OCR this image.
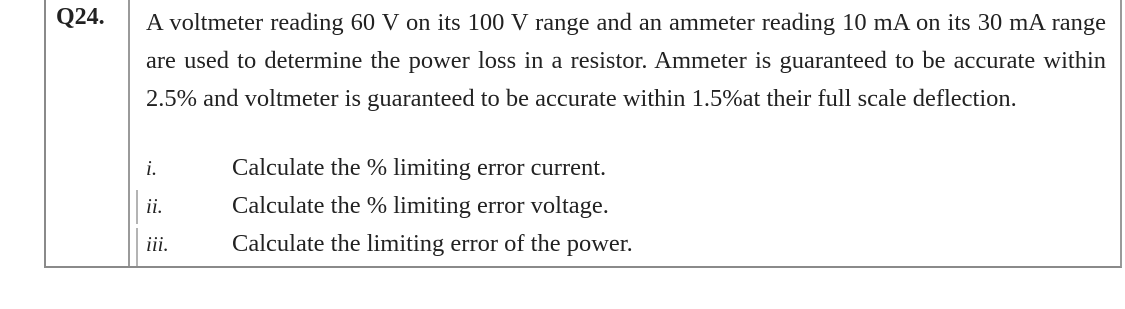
Q24. A voltmeter reading 60 V on its 100 V range and an ammeter reading 10 mA on its 30 mA range are used to determine the power loss in a resistor. Ammeter is guaranteed to be accurate within 2.5% and voltmeter is guaranteed to be accurate within 1.5%at their full scale deflection.
i.	Calculate the % limiting error current.
ii.	Calculate the % limiting error voltage.
iii.	Calculate the limiting error of the power.
